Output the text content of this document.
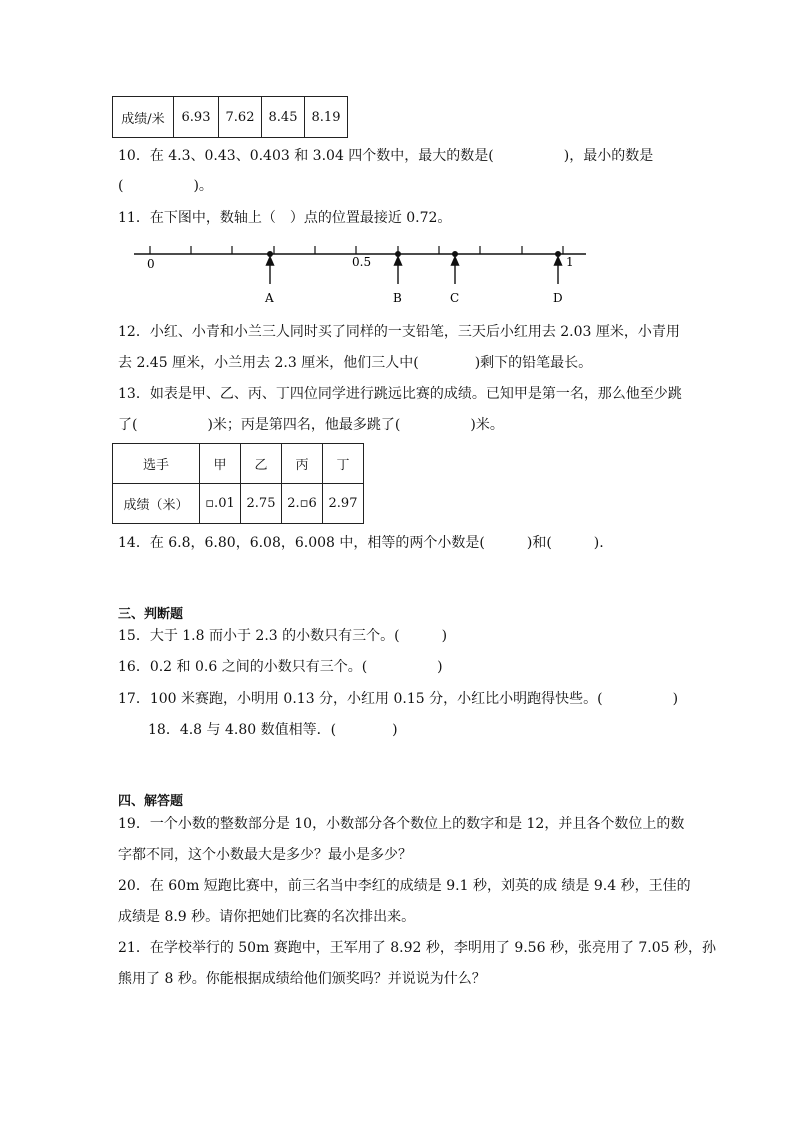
成绩/米	6.93	7.62	8.45	8.19
10．在 4.3、0.43、0.403 和 3.04 四个数中，最大的数是(　　　　　)，最小的数是
(　　　　　)。
11．在下图中，数轴上（　）点的位置最接近 0.72。
0	0.5	1
A	B	C	D
12．小红、小青和小兰三人同时买了同样的一支铅笔，三天后小红用去 2.03 厘米，小青用
去 2.45 厘米，小兰用去 2.3 厘米，他们三人中(　　　　)剩下的铅笔最长。
13．如表是甲、乙、丙、丁四位同学进行跳远比赛的成绩。已知甲是第一名，那么他至少跳
了(　　　　　)米；丙是第四名，他最多跳了(　　　　　)米。
选手	甲	乙	丙	丁
成绩（米）	▫.01	2.75	2.▫6	2.97
14．在 6.8，6.80，6.08，6.008 中，相等的两个小数是(　　　)和(　　　).
三、判断题
15．大于 1.8 而小于 2.3 的小数只有三个。(　　　)
16．0.2 和 0.6 之间的小数只有三个。(　　　　　)
17．100 米赛跑，小明用 0.13 分，小红用 0.15 分，小红比小明跑得快些。(　　　　　)
18．4.8 与 4.80 数值相等．(　　　　)
四、解答题
19．一个小数的整数部分是 10，小数部分各个数位上的数字和是 12，并且各个数位上的数
字都不同，这个小数最大是多少？最小是多少？
20．在 60m 短跑比赛中，前三名当中李红的成绩是 9.1 秒，刘英的成 绩是 9.4 秒，王佳的
成绩是 8.9 秒。请你把她们比赛的名次排出来。
21．在学校举行的 50m 赛跑中，王军用了 8.92 秒，李明用了 9.56 秒，张亮用了 7.05 秒，孙
熊用了 8 秒。你能根据成绩给他们颁奖吗？并说说为什么？
